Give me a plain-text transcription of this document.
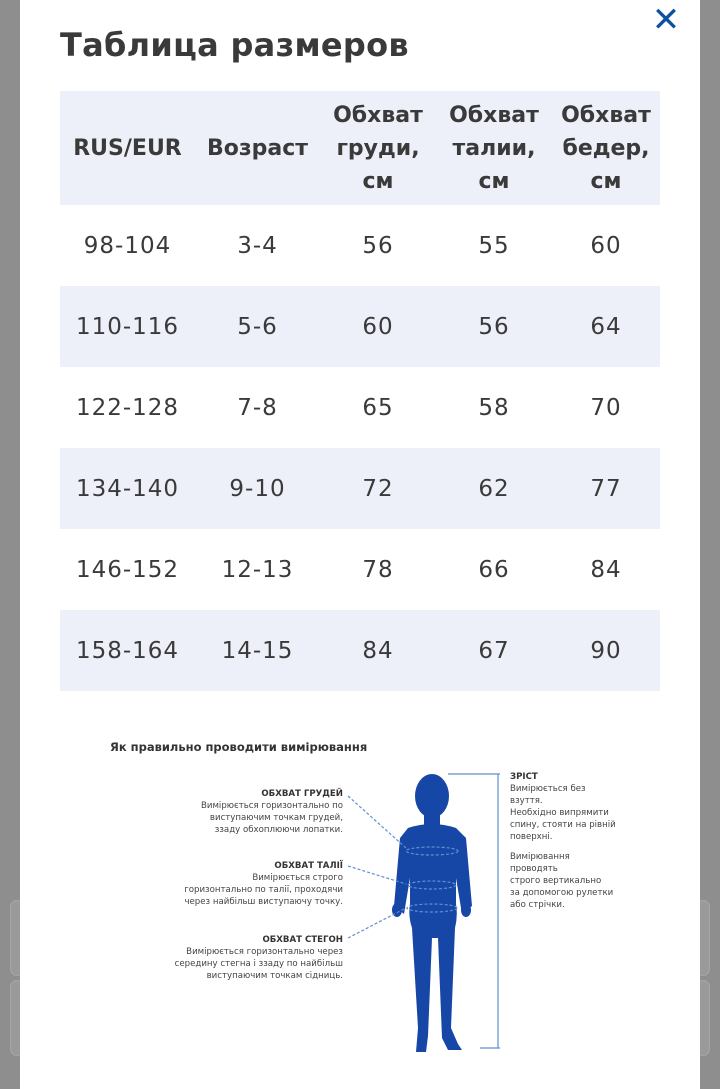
✕
Таблица размеров
RUS/EUR	Возраст	Обхват
груди,
см	Обхват
талии,
см	Обхват
бедер,
см
98-104	3-4	56	55	60
110-116	5-6	60	56	64
122-128	7-8	65	58	70
134-140	9-10	72	62	77
146-152	12-13	78	66	84
158-164	14-15	84	67	90
Як правильно проводити вимірювання
ОБХВАТ ГРУДЕЙ
Вимірюється горизонтально по
виступаючим точкам грудей,
ззаду обхоплюючи лопатки.
ОБХВАТ ТАЛІЇ
Вимірюється строго
горизонтально по талії, проходячи
через найбільш виступаючу точку.
ОБХВАТ СТЕГОН
Вимірюється горизонтально через
середину стегна і ззаду по найбільш
виступаючим точкам сідниць.
ЗРІСТ
Вимірюється без взуття.
Необхідно випрямити
спину, стояти на рівній
поверхні.

Вимірювання проводять
строго вертикально
за допомогою рулетки
або стрічки.
